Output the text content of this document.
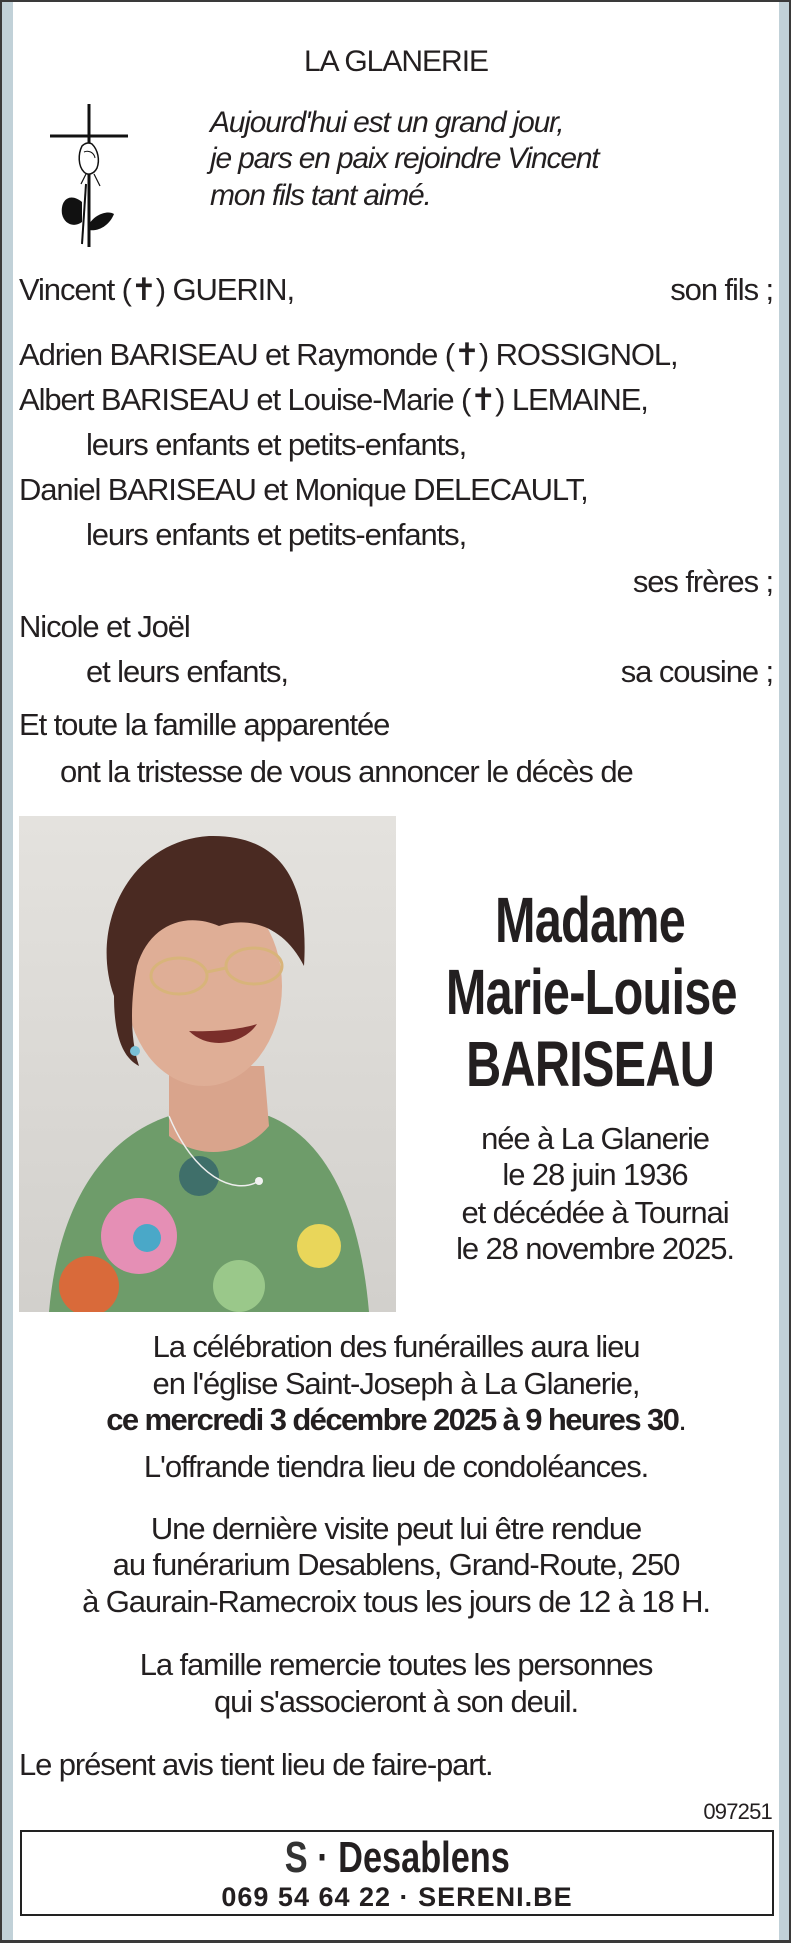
LA GLANERIE
Aujourd'hui est un grand jour,
je pars en paix rejoindre Vincent
mon fils tant aimé.
Vincent (✝) GUERIN,	son fils ;
Adrien BARISEAU et Raymonde (✝) ROSSIGNOL,
Albert BARISEAU et Louise-Marie (✝) LEMAINE,
leurs enfants et petits-enfants,
Daniel BARISEAU et Monique DELECAULT,
leurs enfants et petits-enfants,
ses frères ;
Nicole et Joël
et leurs enfants,	sa cousine ;
Et toute la famille apparentée
ont la tristesse de vous annoncer le décès de
Madame
Marie-Louise
BARISEAU
née à La Glanerie
le 28 juin 1936
et décédée à Tournai
le 28 novembre 2025.
La célébration des funérailles aura lieu
en l'église Saint-Joseph à La Glanerie,
ce mercredi 3 décembre 2025 à 9 heures 30.
L'offrande tiendra lieu de condoléances.
Une dernière visite peut lui être rendue
au funérarium Desablens, Grand-Route, 250
à Gaurain-Ramecroix tous les jours de 12 à 18 H.
La famille remercie toutes les personnes
qui s'associeront à son deuil.
Le présent avis tient lieu de faire-part.
097251
S · Desablens
069 54 64 22 · SERENI.BE
